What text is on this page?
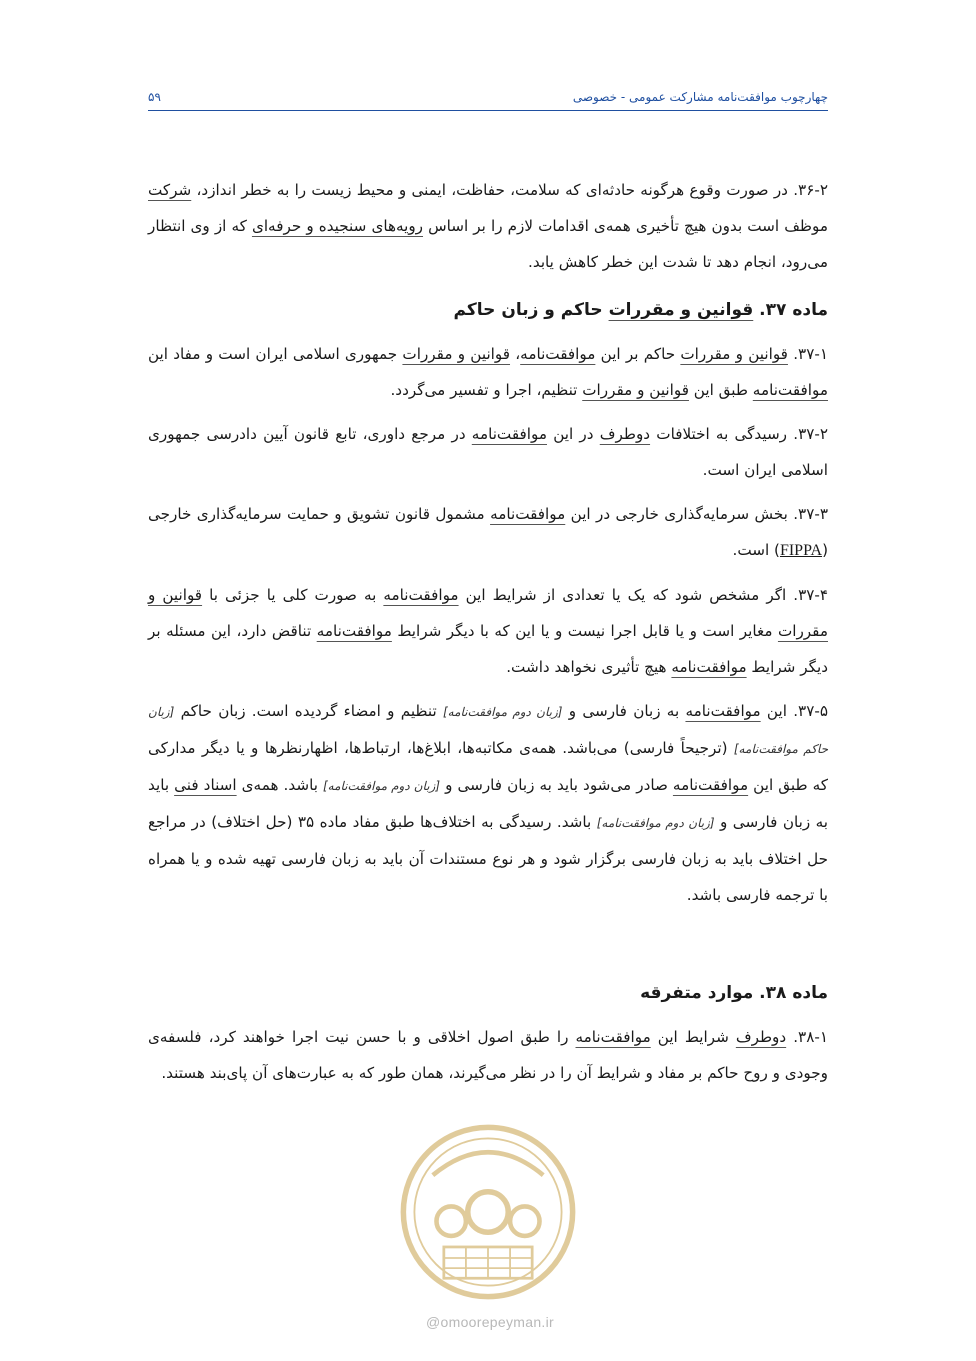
چهارچوب موافقت‌نامه مشارکت عمومی - خصوصی
۵۹

۳۶-۲. در صورت وقوع هرگونه حادثه‌ای که سلامت، حفاظت، ایمنی و محیط زیست را به خطر اندازد، شرکت موظف است بدون هیچ تأخیری همه‌ی اقدامات لازم را بر اساس رویه‌های سنجیده و حرفه‌ای که از وی انتظار می‌رود، انجام دهد تا شدت این خطر کاهش یابد.

ماده ۳۷. قوانین و مقررات حاکم و زبان حاکم

۳۷-۱. قوانین و مقررات حاکم بر این موافقت‌نامه، قوانین و مقررات جمهوری اسلامی ایران است و مفاد این موافقت‌نامه طبق این قوانین و مقررات تنظیم، اجرا و تفسیر می‌گردد.

۳۷-۲. رسیدگی به اختلافات دوطرف در این موافقت‌نامه در مرجع داوری، تابع قانون آیین دادرسی جمهوری اسلامی ایران است.

۳۷-۳. بخش سرمایه‌گذاری خارجی در این موافقت‌نامه مشمول قانون تشویق و حمایت سرمایه‌گذاری خارجی (FIPPA) است.

۳۷-۴. اگر مشخص شود که یک یا تعدادی از شرایط این موافقت‌نامه به صورت کلی یا جزئی با قوانین و مقررات مغایر است و یا قابل اجرا نیست و یا این که با دیگر شرایط موافقت‌نامه تناقض دارد، این مسئله بر دیگر شرایط موافقت‌نامه هیچ تأثیری نخواهد داشت.

۳۷-۵. این موافقت‌نامه به زبان فارسی و [زبان دوم موافقت‌نامه] تنظیم و امضاء گردیده است. زبان حاکم [زبان حاکم موافقت‌نامه] (ترجیحاً فارسی) می‌باشد. همه‌ی مکاتبه‌ها، ابلاغ‌ها، ارتباط‌ها، اظهارنظرها و یا دیگر مدارکی که طبق این موافقت‌نامه صادر می‌شود باید به زبان فارسی و [زبان دوم موافقت‌نامه] باشد. همه‌ی اسناد فنی باید به زبان فارسی و [زبان دوم موافقت‌نامه] باشد. رسیدگی به اختلاف‌ها طبق مفاد ماده ۳۵ (حل اختلاف) در مراجع حل اختلاف باید به زبان فارسی برگزار شود و هر نوع مستندات آن باید به زبان فارسی تهیه شده و یا همراه با ترجمه فارسی باشد.

ماده ۳۸. موارد متفرقه

۳۸-۱. دوطرف شرایط این موافقت‌نامه را طبق اصول اخلاقی و با حسن نیت اجرا خواهند کرد، فلسفه‌ی وجودی و روح حاکم بر مفاد و شرایط آن را در نظر می‌گیرند، همان طور که به عبارت‌های آن پای‌بند هستند.

@omoorepeyman.ir
